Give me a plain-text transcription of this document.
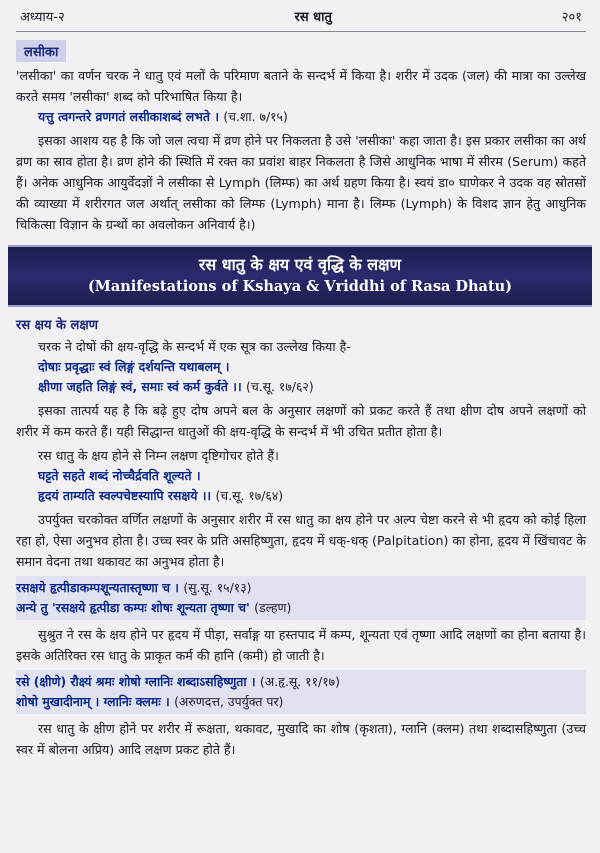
अध्याय-२	रस धातु	२०१
लसीका

'लसीका' का वर्णन चरक ने धातु एवं मलों के परिमाण बताने के सन्दर्भ में किया है। शरीर में उदक (जल) की मात्रा का उल्लेख करते समय 'लसीका' शब्द को परिभाषित किया है।

यत्तु त्वगन्तरे व्रणगतं लसीकाशब्दं लभते । (च.शा. ७/१५)

इसका आशय यह है कि जो जल त्वचा में व्रण होने पर निकलता है उसे 'लसीका' कहा जाता है। इस प्रकार लसीका का अर्थ व्रण का स्राव होता है। व्रण होने की स्थिति में रक्त का प्रवांश बाहर निकलता है जिसे आधुनिक भाषा में सीरम (Serum) कहते हैं। अनेक आधुनिक आयुर्वेदज्ञों ने लसीका से Lymph (लिम्फ) का अर्थ ग्रहण किया है। स्वयं डा० घाणेकर ने उदक वह स्रोतसों की व्याख्या में शरीरगत जल अर्थात् लसीका को लिम्फ (Lymph) माना है। लिम्फ (Lymph) के विशद ज्ञान हेतु आधुनिक चिकित्सा विज्ञान के ग्रन्थों का अवलोकन अनिवार्य है।)

रस धातु के क्षय एवं वृद्धि के लक्षण
(Manifestations of Kshaya & Vriddhi of Rasa Dhatu)
रस क्षय के लक्षण

चरक ने दोषों की क्षय-वृद्धि के सन्दर्भ में एक सूत्र का उल्लेख किया है-

दोषाः प्रवृद्धाः स्वं लिङ्गं दर्शयन्ति यथाबलम् ।
क्षीणा जहति लिङ्गं स्वं, समाः स्वं कर्म कुर्वते ।। (च.सू. १७/६२)

इसका तात्पर्य यह है कि बढ़े हुए दोष अपने बल के अनुसार लक्षणों को प्रकट करते हैं तथा क्षीण दोष अपने लक्षणों को शरीर में कम करते हैं। यही सिद्धान्त धातुओं की क्षय-वृद्धि के सन्दर्भ में भी उचित प्रतीत होता है।

रस धातु के क्षय होने से निम्न लक्षण दृष्टिगोचर होते हैं।

घट्टते सहते शब्दं नोच्चैर्द्रवति शूल्यते ।
हृदयं ताम्यति स्वल्पचेष्टस्यापि रसक्षये ।। (च.सू. १७/६४)

उपर्युक्त चरकोक्त वर्णित लक्षणों के अनुसार शरीर में रस धातु का क्षय होने पर अल्प चेष्टा करने से भी हृदय को कोई हिला रहा हो, ऐसा अनुभव होता है। उच्च स्वर के प्रति असहिष्णुता, हृदय में धक्-धक् (Palpitation) का होना, हृदय में खिंचावट के समान वेदना तथा थकावट का अनुभव होता है।

रसक्षये हृत्पीडाकम्पशून्यतास्तृष्णा च । (सु.सू. १५/१३)
अन्ये तु 'रसक्षये हृत्पीडा कम्पः शोषः शून्यता तृष्णा च' (डल्हण)

सुश्रुत ने रस के क्षय होने पर हृदय में पीड़ा, सर्वाङ्ग या हस्तपाद में कम्प, शून्यता एवं तृष्णा आदि लक्षणों का होना बताया है। इसके अतिरिक्त रस धातु के प्राकृत कर्म की हानि (कमी) हो जाती है।

रसे (क्षीणे) रौक्ष्यं श्रमः शोषो ग्लानिः शब्दाऽसहिष्णुता । (अ.हृ.सू. ११/१७)
शोषो मुखादीनाम् । ग्लानिः क्लमः । (अरुणदत्त, उपर्युक्त पर)

रस धातु के क्षीण होने पर शरीर में रूक्षता, थकावट, मुखादि का शोष (कृशता), ग्लानि (क्लम) तथा शब्दासहिष्णुता (उच्च स्वर में बोलना अप्रिय) आदि लक्षण प्रकट होते हैं।
